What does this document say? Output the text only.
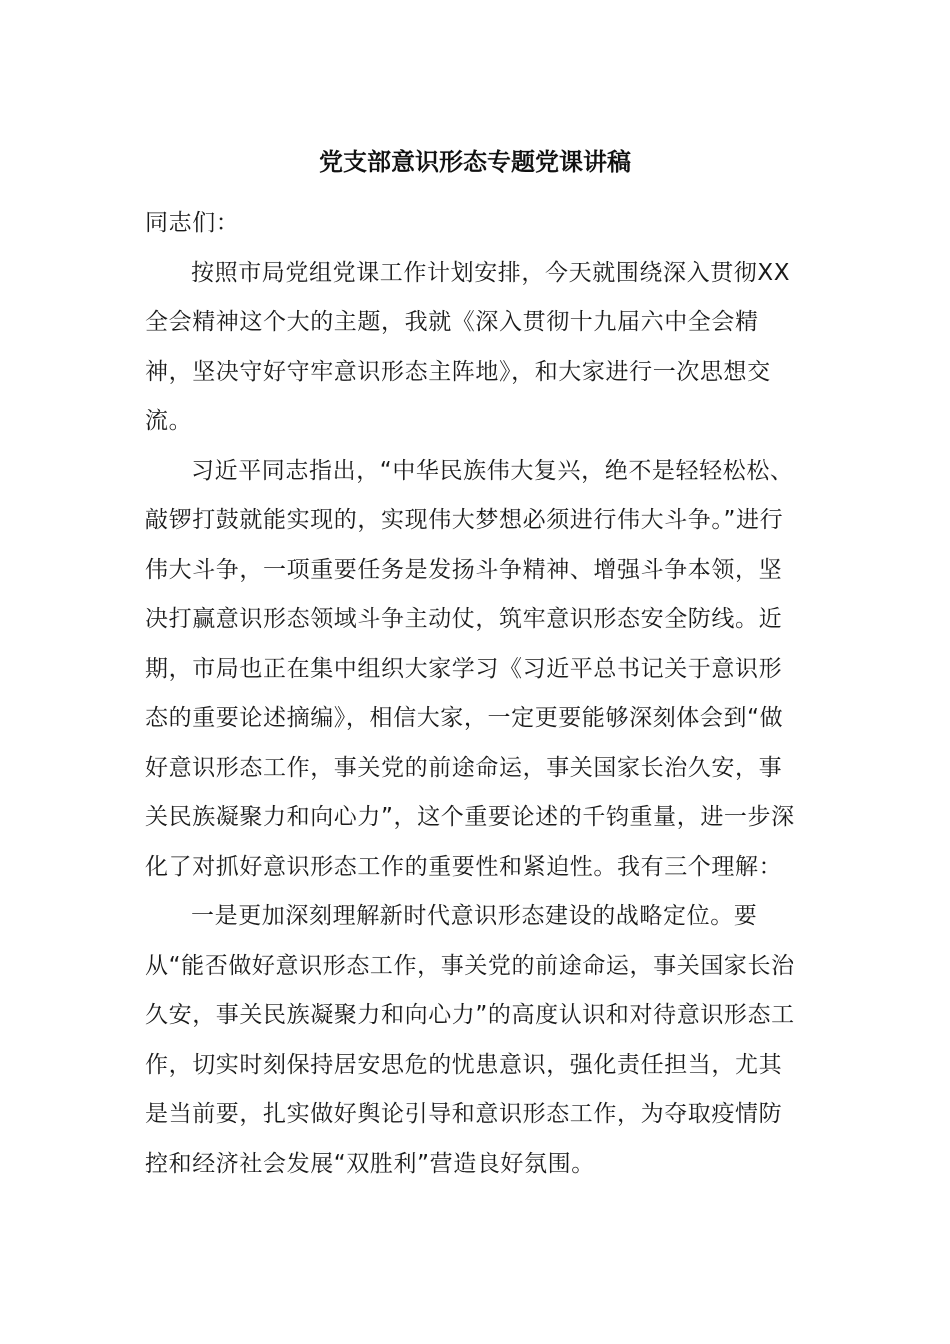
党支部意识形态专题党课讲稿

同志们：

按照市局党组党课工作计划安排，今天就围绕深入贯彻XX全会精神这个大的主题，我就《深入贯彻十九届六中全会精神，坚决守好守牢意识形态主阵地》，和大家进行一次思想交流。

习近平同志指出，“中华民族伟大复兴，绝不是轻轻松松、敲锣打鼓就能实现的，实现伟大梦想必须进行伟大斗争。”进行伟大斗争，一项重要任务是发扬斗争精神、增强斗争本领，坚决打赢意识形态领域斗争主动仗，筑牢意识形态安全防线。近期，市局也正在集中组织大家学习《习近平总书记关于意识形态的重要论述摘编》，相信大家，一定更要能够深刻体会到“做好意识形态工作，事关党的前途命运，事关国家长治久安，事关民族凝聚力和向心力”，这个重要论述的千钧重量，进一步深化了对抓好意识形态工作的重要性和紧迫性。我有三个理解：

一是更加深刻理解新时代意识形态建设的战略定位。要从“能否做好意识形态工作，事关党的前途命运，事关国家长治久安，事关民族凝聚力和向心力”的高度认识和对待意识形态工作，切实时刻保持居安思危的忧患意识，强化责任担当，尤其是当前要，扎实做好舆论引导和意识形态工作，为夺取疫情防控和经济社会发展“双胜利”营造良好氛围。
